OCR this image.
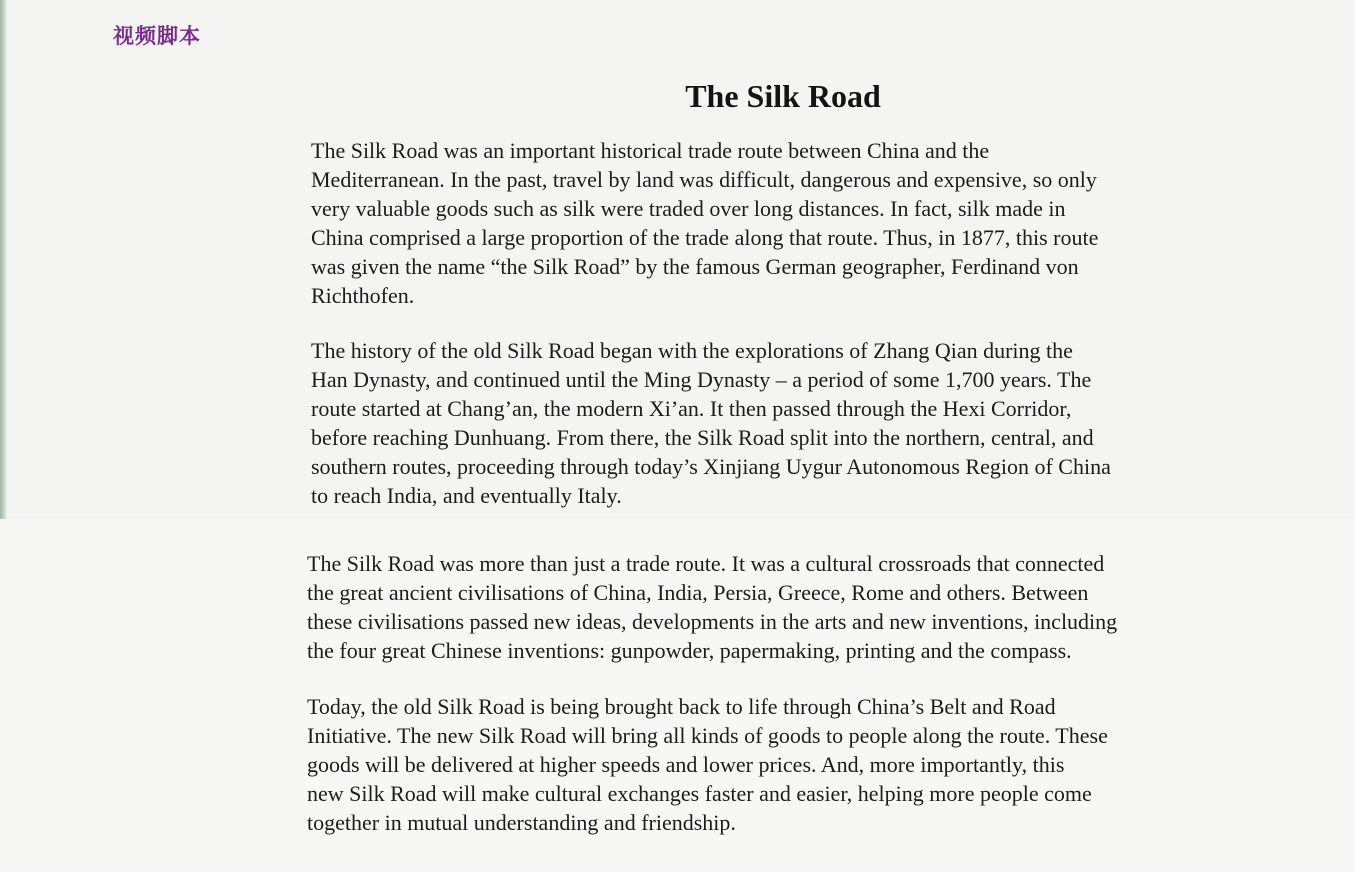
视频脚本
The Silk Road

The Silk Road was an important historical trade route between China and the
Mediterranean. In the past, travel by land was difficult, dangerous and expensive, so only
very valuable goods such as silk were traded over long distances. In fact, silk made in
China comprised a large proportion of the trade along that route. Thus, in 1877, this route
was given the name “the Silk Road” by the famous German geographer, Ferdinand von
Richthofen.

The history of the old Silk Road began with the explorations of Zhang Qian during the
Han Dynasty, and continued until the Ming Dynasty – a period of some 1,700 years. The
route started at Chang’an, the modern Xi’an. It then passed through the Hexi Corridor,
before reaching Dunhuang. From there, the Silk Road split into the northern, central, and
southern routes, proceeding through today’s Xinjiang Uygur Autonomous Region of China
to reach India, and eventually Italy.

The Silk Road was more than just a trade route. It was a cultural crossroads that connected
the great ancient civilisations of China, India, Persia, Greece, Rome and others. Between
these civilisations passed new ideas, developments in the arts and new inventions, including
the four great Chinese inventions: gunpowder, papermaking, printing and the compass.

Today, the old Silk Road is being brought back to life through China’s Belt and Road
Initiative. The new Silk Road will bring all kinds of goods to people along the route. These
goods will be delivered at higher speeds and lower prices. And, more importantly, this
new Silk Road will make cultural exchanges faster and easier, helping more people come
together in mutual understanding and friendship.
